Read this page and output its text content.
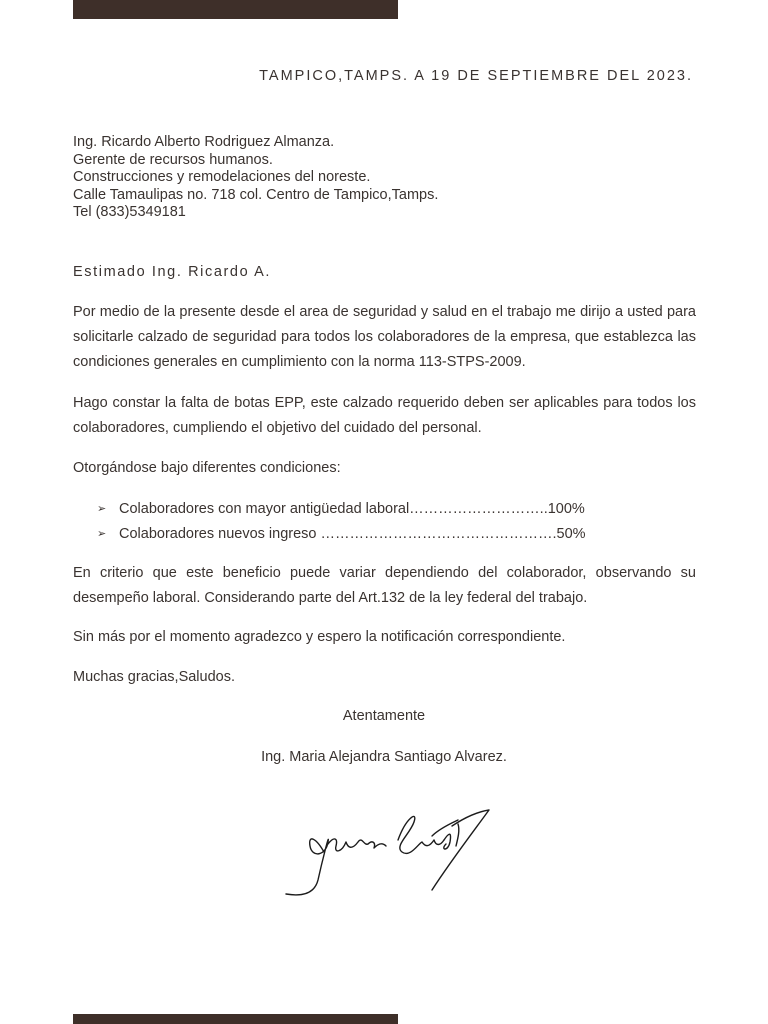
TAMPICO,TAMPS. A 19 DE SEPTIEMBRE DEL 2023.
Ing. Ricardo Alberto Rodriguez Almanza.
Gerente de recursos humanos.
Construcciones y remodelaciones del noreste.
Calle Tamaulipas no. 718 col. Centro de Tampico,Tamps.
Tel (833)5349181
Estimado Ing. Ricardo A.

Por medio de la presente desde el area de seguridad y salud en el trabajo me dirijo a usted para solicitarle calzado de seguridad para todos los colaboradores de la empresa, que establezca las condiciones generales en cumplimiento con la norma 113-STPS-2009.

Hago constar la falta de botas EPP, este calzado requerido deben ser aplicables para todos los colaboradores, cumpliendo el objetivo del cuidado del personal.

Otorgándose bajo diferentes condiciones:

➢ Colaboradores con mayor antigüedad laboral………………………..100%
➢ Colaboradores nuevos ingreso ………………………………………….50%

En criterio que este beneficio puede variar dependiendo del colaborador, observando su desempeño laboral. Considerando parte del Art.132 de la ley federal del trabajo.

Sin más por el momento agradezco y espero la notificación correspondiente.

Muchas gracias,Saludos.

Atentamente
Ing. Maria Alejandra Santiago Alvarez.
